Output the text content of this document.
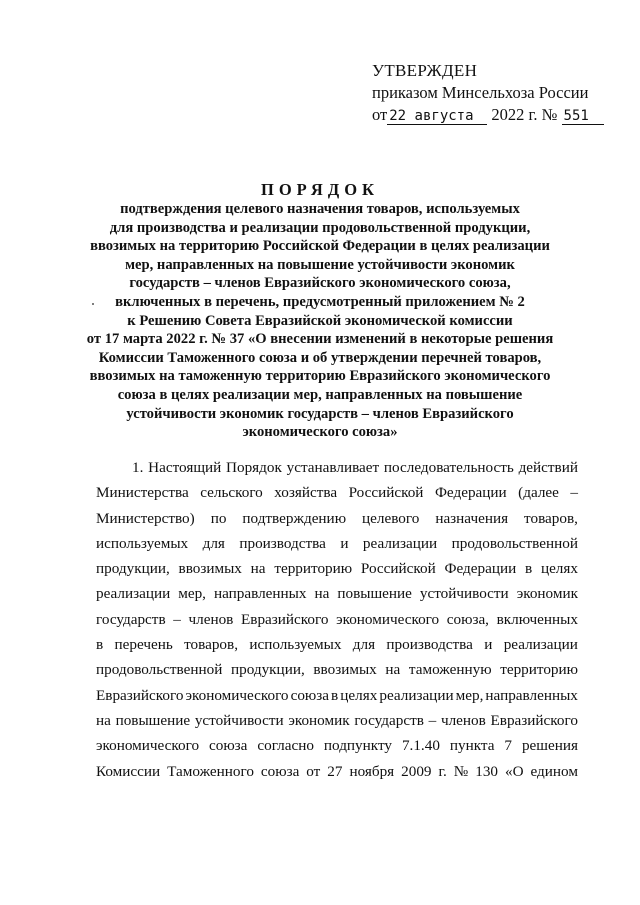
УТВЕРЖДЕН
приказом Минсельхоза России
от 22 августа 2022 г. № 551
ПОРЯДОК
подтверждения целевого назначения товаров, используемых
для производства и реализации продовольственной продукции,
ввозимых на территорию Российской Федерации в целях реализации
мер, направленных на повышение устойчивости экономик
государств – членов Евразийского экономического союза,
включенных в перечень, предусмотренный приложением № 2
к Решению Совета Евразийской экономической комиссии
от 17 марта 2022 г. № 37 «О внесении изменений в некоторые решения
Комиссии Таможенного союза и об утверждении перечней товаров,
ввозимых на таможенную территорию Евразийского экономического
союза в целях реализации мер, направленных на повышение
устойчивости экономик государств – членов Евразийского
экономического союза»
1. Настоящий Порядок устанавливает последовательность действий
Министерства сельского хозяйства Российской Федерации (далее –
Министерство) по подтверждению целевого назначения товаров,
используемых для производства и реализации продовольственной
продукции, ввозимых на территорию Российской Федерации в целях
реализации мер, направленных на повышение устойчивости экономик
государств – членов Евразийского экономического союза, включенных
в перечень товаров, используемых для производства и реализации
продовольственной продукции, ввозимых на таможенную территорию
Евразийского экономического союза в целях реализации мер, направленных
на повышение устойчивости экономик государств – членов Евразийского
экономического союза согласно подпункту 7.1.40 пункта 7 решения
Комиссии Таможенного союза от 27 ноября 2009 г. № 130 «О едином
